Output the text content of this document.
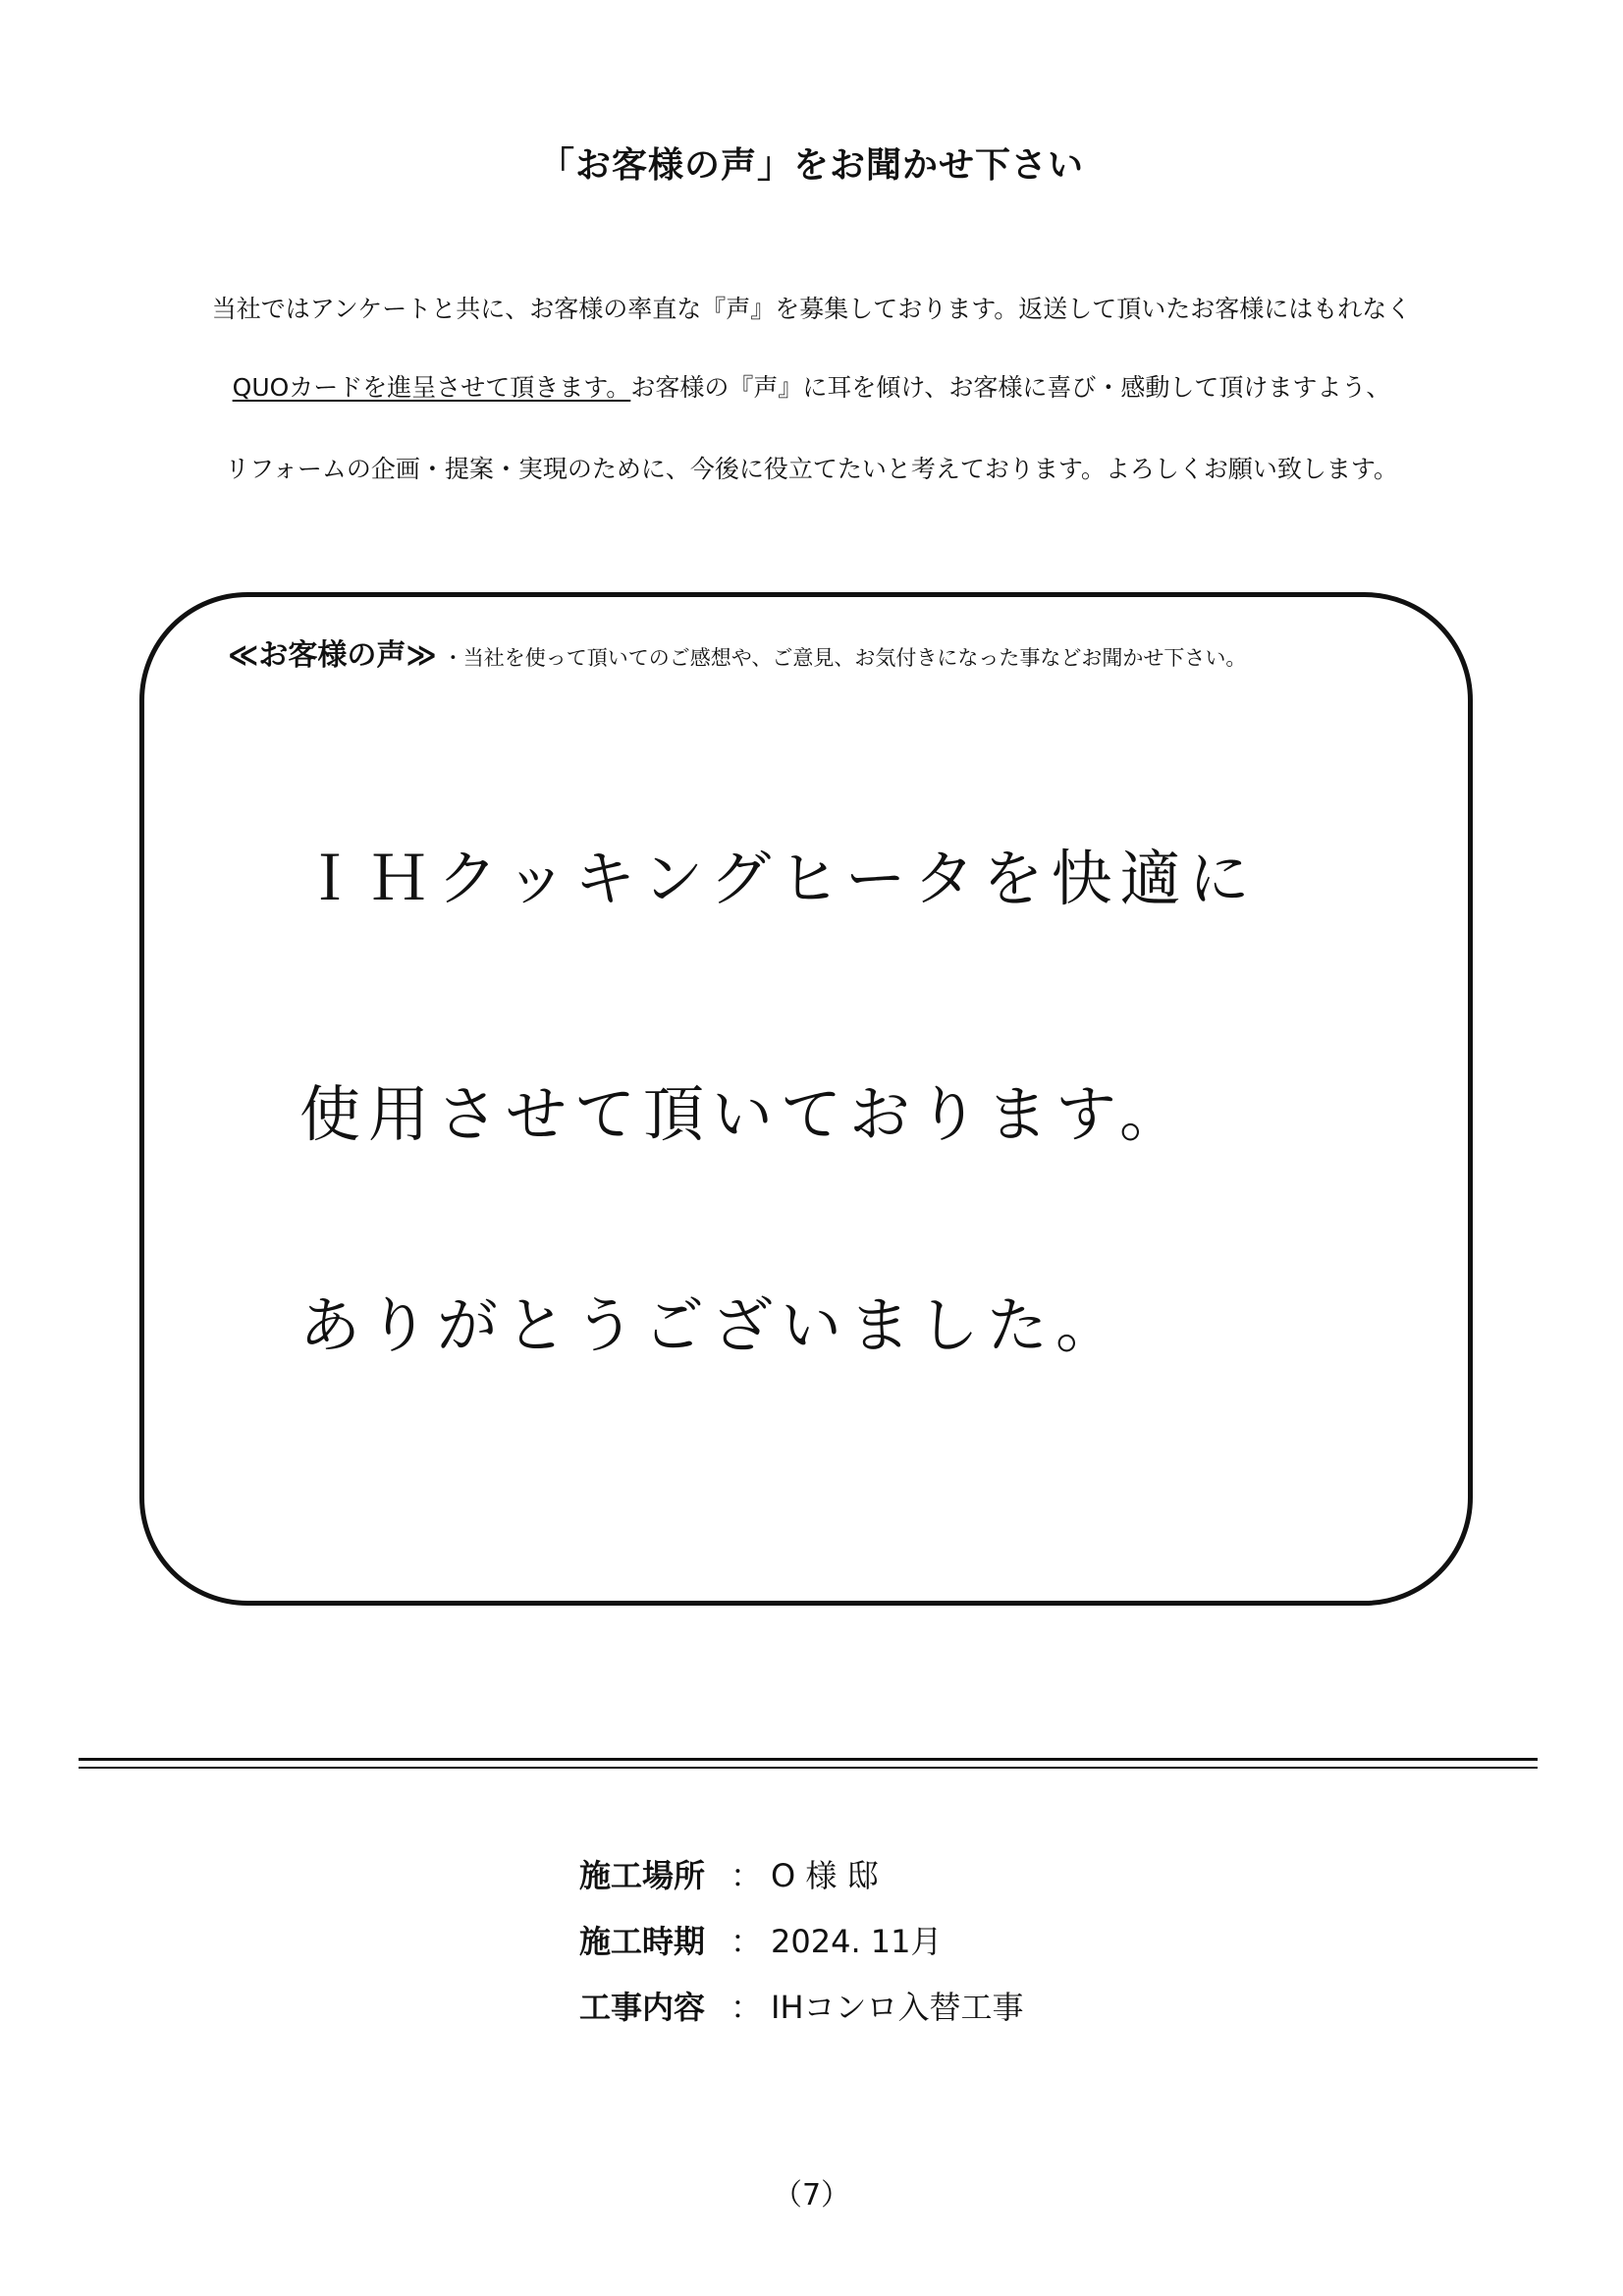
「お客様の声」をお聞かせ下さい
当社ではアンケートと共に、お客様の率直な『声』を募集しております。返送して頂いたお客様にはもれなく
QUOカードを進呈させて頂きます。お客様の『声』に耳を傾け、お客様に喜び・感動して頂けますよう、
リフォームの企画・提案・実現のために、今後に役立てたいと考えております。よろしくお願い致します。
≪お客様の声≫ ・当社を使って頂いてのご感想や、ご意見、お気付きになった事などお聞かせ下さい。
ＩＨクッキングヒータを快適に
使用させて頂いております。
ありがとうございました。
施工場所 ： O 様 邸
施工時期 ： 2024. 11月
工事内容 ： IHコンロ入替工事
（7）
